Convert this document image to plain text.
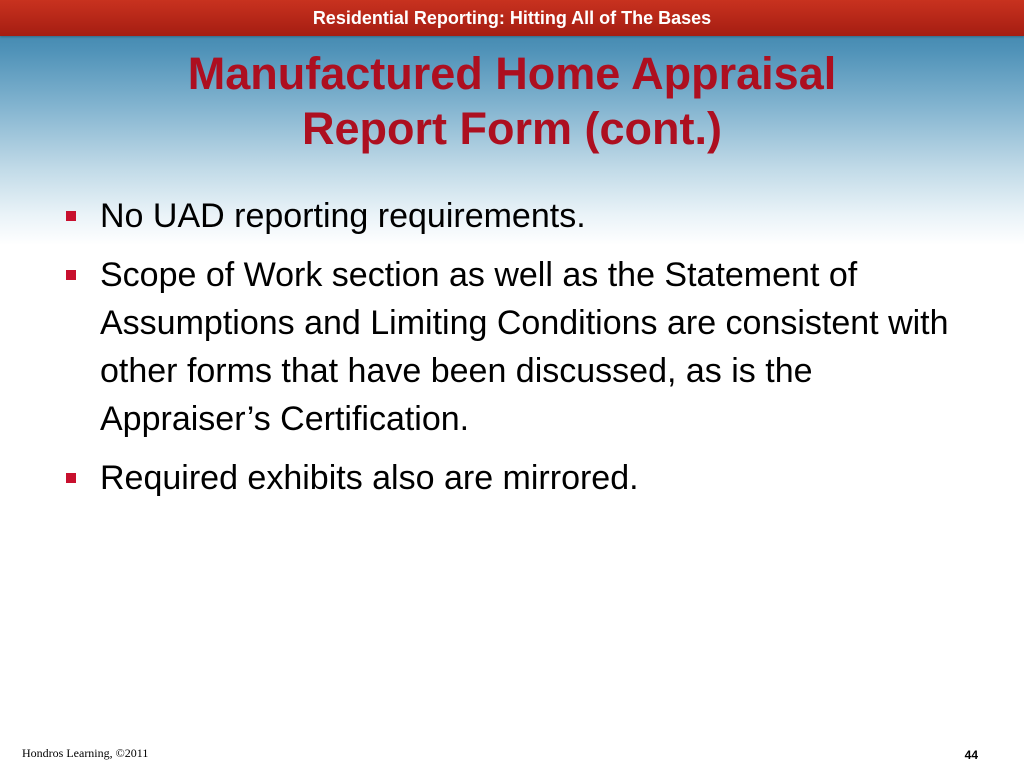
Residential Reporting: Hitting All of The Bases
Manufactured Home Appraisal
Report Form (cont.)
No UAD reporting requirements.
Scope of Work section as well as the Statement of Assumptions and Limiting Conditions are consistent with other forms that have been discussed, as is the Appraiser’s Certification.
Required exhibits also are mirrored.
Hondros Learning, ©2011	44
